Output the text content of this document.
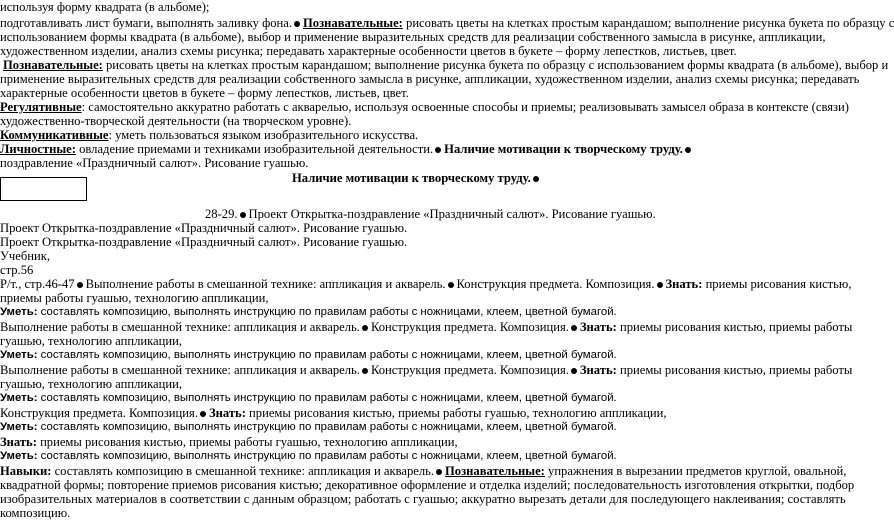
используя форму квадрата (в альбоме);
подготавливать лист бумаги, выполнять заливку фона. Познавательные: рисовать цветы на клетках простым карандашом; выполнение рисунка букета по образцу с
использованием формы квадрата (в альбоме), выбор и применение выразительных средств для реализации собственного замысла в рисунке, аппликации,
художественном изделии, анализ схемы рисунка; передавать характерные особенности цветов в букете – форму лепестков, листьев, цвет.
Познавательные: рисовать цветы на клетках простым карандашом; выполнение рисунка букета по образцу с использованием формы квадрата (в альбоме), выбор и
применение выразительных средств для реализации собственного замысла в рисунке, аппликации, художественном изделии, анализ схемы рисунка; передавать
характерные особенности цветов в букете – форму лепестков, листьев, цвет.
Регулятивные: самостоятельно аккуратно работать с акварелью, используя освоенные способы и приемы; реализовывать замысел образа в контексте (связи)
художественно-творческой деятельности (на творческом уровне).
Коммуникативные: уметь пользоваться языком изобразительного искусства.
Личностные: овладение приемами и техниками изобразительной деятельности. Наличие мотивации к творческому труду.
поздравление «Праздничный салют». Рисование гуашью.
Наличие мотивации к творческому труду.
28-29. Проект Открытка-поздравление «Праздничный салют». Рисование гуашью.
Проект Открытка-поздравление «Праздничный салют». Рисование гуашью.
Проект Открытка-поздравление «Праздничный салют». Рисование гуашью.
Учебник,
стр.56
Р/т., стр.46-47 Выполнение работы в смешанной технике: аппликация и акварель. Конструкция предмета. Композиция. Знать: приемы рисования кистью,
приемы работы гуашью, технологию аппликации,
Уметь: составлять композицию, выполнять инструкцию по правилам работы с ножницами, клеем, цветной бумагой.
Выполнение работы в смешанной технике: аппликация и акварель. Конструкция предмета. Композиция. Знать: приемы рисования кистью, приемы работы
гуашью, технологию аппликации,
Уметь: составлять композицию, выполнять инструкцию по правилам работы с ножницами, клеем, цветной бумагой.
Выполнение работы в смешанной технике: аппликация и акварель. Конструкция предмета. Композиция. Знать: приемы рисования кистью, приемы работы
гуашью, технологию аппликации,
Уметь: составлять композицию, выполнять инструкцию по правилам работы с ножницами, клеем, цветной бумагой.
Конструкция предмета. Композиция. Знать: приемы рисования кистью, приемы работы гуашью, технологию аппликации,
Уметь: составлять композицию, выполнять инструкцию по правилам работы с ножницами, клеем, цветной бумагой.
Знать: приемы рисования кистью, приемы работы гуашью, технологию аппликации,
Уметь: составлять композицию, выполнять инструкцию по правилам работы с ножницами, клеем, цветной бумагой.
Навыки: составлять композицию в смешанной технике: аппликация и акварель. Познавательные: упражнения в вырезании предметов круглой, овальной,
квадратной формы; повторение приемов рисования кистью; декоративное оформление и отделка изделий; последовательность изготовления открытки, подбор
изобразительных материалов в соответствии с данным образцом; работать с гуашью; аккуратно вырезать детали для последующего наклеивания; составлять
композицию.
